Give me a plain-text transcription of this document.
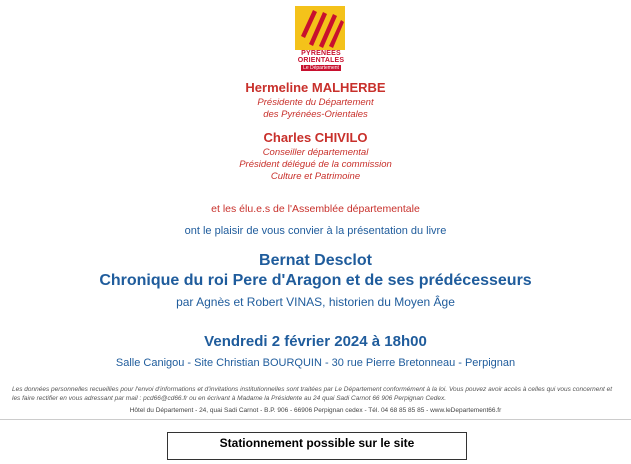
PYRÉNÉES
ORIENTALES
Le Département
Hermeline MALHERBE
Présidente du Département
des Pyrénées-Orientales
Charles CHIVILO
Conseiller départemental
Président délégué de la commission
Culture et Patrimoine
et les élu.e.s de l'Assemblée départementale
ont le plaisir de vous convier à la présentation du livre
Bernat Desclot
Chronique du roi Pere d'Aragon et de ses prédécesseurs
par Agnès et Robert VINAS, historien du Moyen Âge
Vendredi 2 février 2024 à 18h00
Salle Canigou - Site Christian BOURQUIN - 30 rue Pierre Bretonneau - Perpignan
Les données personnelles recueillies pour l'envoi d'informations et d'invitations institutionnelles sont traitées par Le Département conformément à la loi. Vous pouvez avoir accès à celles qui vous concernent et les faire rectifier en vous adressant par mail : pcd66@cd66.fr ou en écrivant à Madame la Présidente au 24 quai Sadi Carnot 66 906 Perpignan Cedex.
Hôtel du Département - 24, quai Sadi Carnot - B.P. 906 - 66906 Perpignan cedex - Tél. 04 68 85 85 85 - www.leDepartement66.fr
Stationnement possible sur le site
